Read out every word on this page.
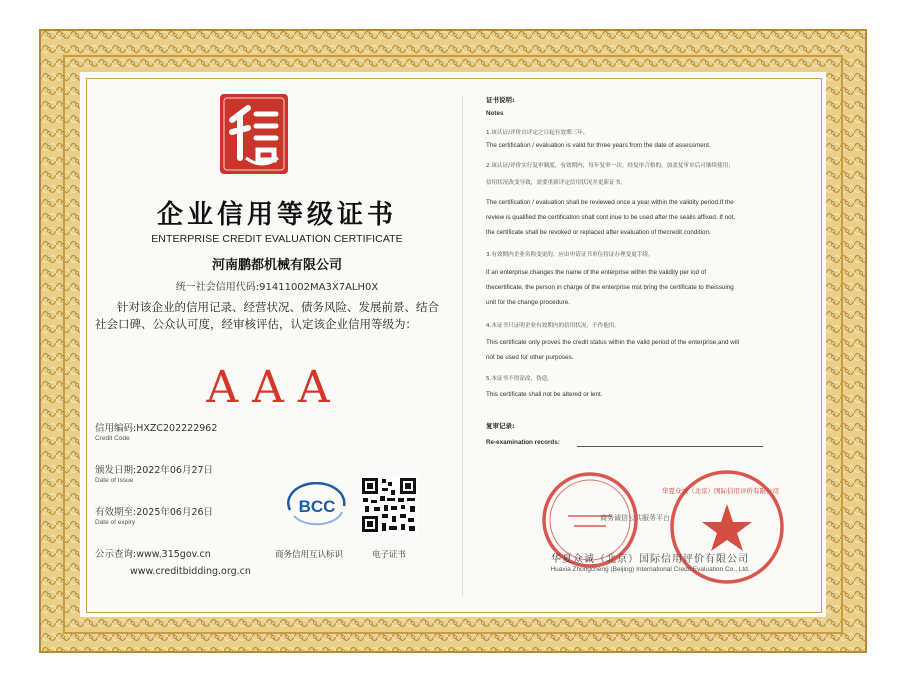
企业信用等级证书
ENTERPRISE CREDIT EVALUATION CERTIFICATE
河南鹏都机械有限公司
统一社会信用代码:91411002MA3X7ALH0X
针对该企业的信用记录、经营状况、债务风险、发展前景、结合社会口碑、公众认可度，经审核评估，认定该企业信用等级为：
AAA
信用编码:HXZC202222962
Credit Code
颁发日期:2022年06月27日
Date of Issue
有效期至:2025年06月26日
Date of expiry
公示查询:www.315gov.cn
www.creditbidding.org.cn
BCC
商务信用互认标识	电子证书
证书说明:
Notes
1.该认证/评价自评定之日起有效期三年。
The certification / evaluation is valid for three years from the date of assessment.
2.该认证/评价实行复审制度，有效期内，每年复审一次。经复审合格的，加盖复审章后可继续使用；
信用状况改变导致，需要重新评定信用状况并更新证书。
The certification / evaluation shall be reviewed once a year within the validity period.If the
review is qualified the certification shall cont inue to be used after the sealis affixed. If not,
the certificate shall be revoked or replaced after evaluation of thecredit condition.
3.有效期内企业名称变更的，应由申请证书单位持证办理变更手续。
If an enterprise changes the name of the enterprise within the validity per iod of
thecertificate, the person in charge of the enterprise mst bring the certificate to theissuing
unit for the change procedure.
4.本证书只证明企业有效期内的信用状况，不作他用。
This certificate only proves the credit status within the valid period of the enterprise,and will
not be used for other purposes.
5.本证书不得涂改、伪造。
This certificate shall not be altered or lent.
复审记录:
Re-examination records:
商务诚信公共服务平台
华夏众诚（北京）国际信用评价有限公司
华夏众诚（北京）国际信用评价有限公司
Huaxia Zhongcheng (Beijing) International Credit Evaluation Co., Ltd.
